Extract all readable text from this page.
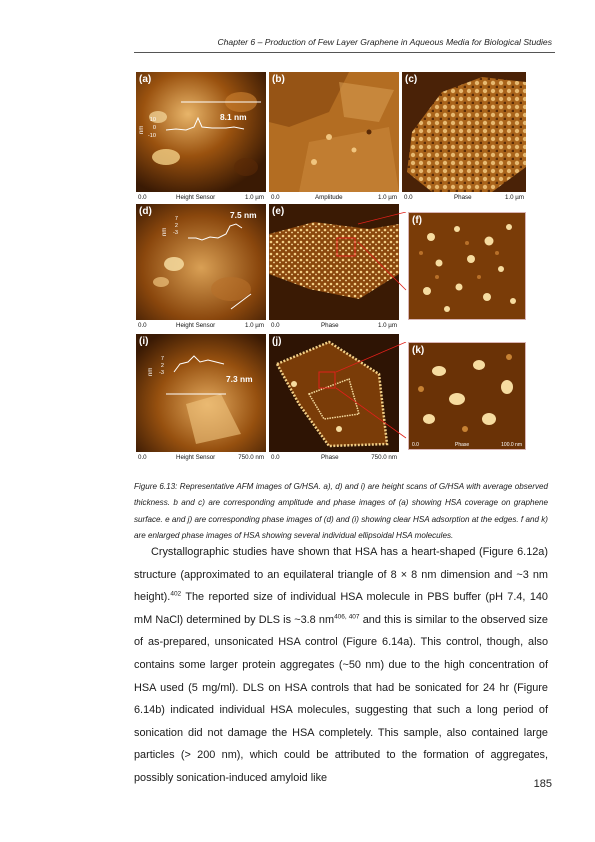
Chapter 6 – Production of Few Layer Graphene in Aqueous Media for Biological Studies
(a)
8.1 nm
10
0
-10
nm
0.0	Height Sensor	1.0 µm
(b)
0.0	Amplitude	1.0 µm
(c)
0.0	Phase	1.0 µm
(d)	7.5 nm
7
2
-3
nm
0.0	Height Sensor	1.0 µm
(e)
0.0	Phase	1.0 µm
(f)
(i)
7.3 nm
7
2
-3
nm
0.0	Height Sensor	750.0 nm
(j)
0.0	Phase	750.0 nm
(k)
0.0	Phase	100.0 nm
Figure 6.13: Representative AFM images of G/HSA. a), d) and i) are height scans of G/HSA with average observed thickness. b and c) are corresponding amplitude and phase images of (a) showing HSA coverage on graphene surface. e and j) are corresponding phase images of (d) and (i) showing clear HSA adsorption at the edges. f and k) are enlarged phase images of HSA showing several individual ellipsoidal HSA molecules.

Crystallographic studies have shown that HSA has a heart-shaped (Figure 6.12a) structure (approximated to an equilateral triangle of 8 × 8 nm dimension and ~3 nm height).$^{402}$ The reported size of individual HSA molecule in PBS buffer (pH 7.4, 140 mM NaCl) determined by DLS is ~3.8 nm$^{406, 407}$ and this is similar to the observed size of as-prepared, unsonicated HSA control (Figure 6.14a). This control, though, also contains some larger protein aggregates (~50 nm) due to the high concentration of HSA used (5 mg/ml). DLS on HSA controls that had be sonicated for 24 hr (Figure 6.14b) indicated individual HSA molecules, suggesting that such a long period of sonication did not damage the HSA completely. This sample, also contained large particles (> 200 nm), which could be attributed to the formation of aggregates, possibly sonication-induced amyloid like

185
